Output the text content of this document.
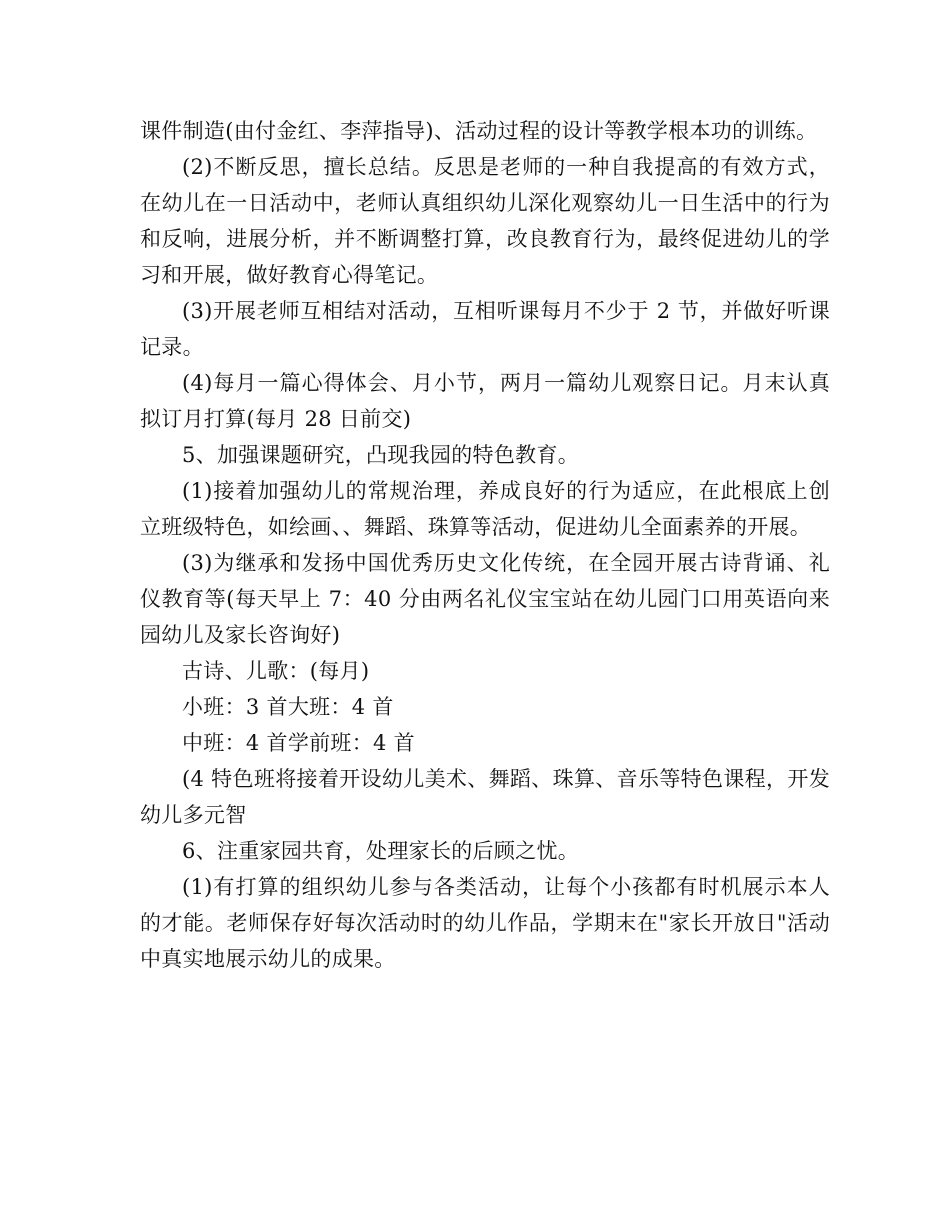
课件制造(由付金红、李萍指导)、活动过程的设计等教学根本功的训练。

(2)不断反思，擅长总结。反思是老师的一种自我提高的有效方式，在幼儿在一日活动中，老师认真组织幼儿深化观察幼儿一日生活中的行为和反响，进展分析，并不断调整打算，改良教育行为，最终促进幼儿的学习和开展，做好教育心得笔记。

(3)开展老师互相结对活动，互相听课每月不少于 2 节，并做好听课记录。

(4)每月一篇心得体会、月小节，两月一篇幼儿观察日记。月末认真拟订月打算(每月 28 日前交)

5、加强课题研究，凸现我园的特色教育。

(1)接着加强幼儿的常规治理，养成良好的行为适应，在此根底上创立班级特色，如绘画、、舞蹈、珠算等活动，促进幼儿全面素养的开展。

(3)为继承和发扬中国优秀历史文化传统，在全园开展古诗背诵、礼仪教育等(每天早上 7：40 分由两名礼仪宝宝站在幼儿园门口用英语向来园幼儿及家长咨询好)

古诗、儿歌：(每月)

小班：3 首大班：4 首

中班：4 首学前班：4 首

(4 特色班将接着开设幼儿美术、舞蹈、珠算、音乐等特色课程，开发幼儿多元智

6、注重家园共育，处理家长的后顾之忧。

(1)有打算的组织幼儿参与各类活动，让每个小孩都有时机展示本人的才能。老师保存好每次活动时的幼儿作品，学期末在"家长开放日"活动中真实地展示幼儿的成果。
